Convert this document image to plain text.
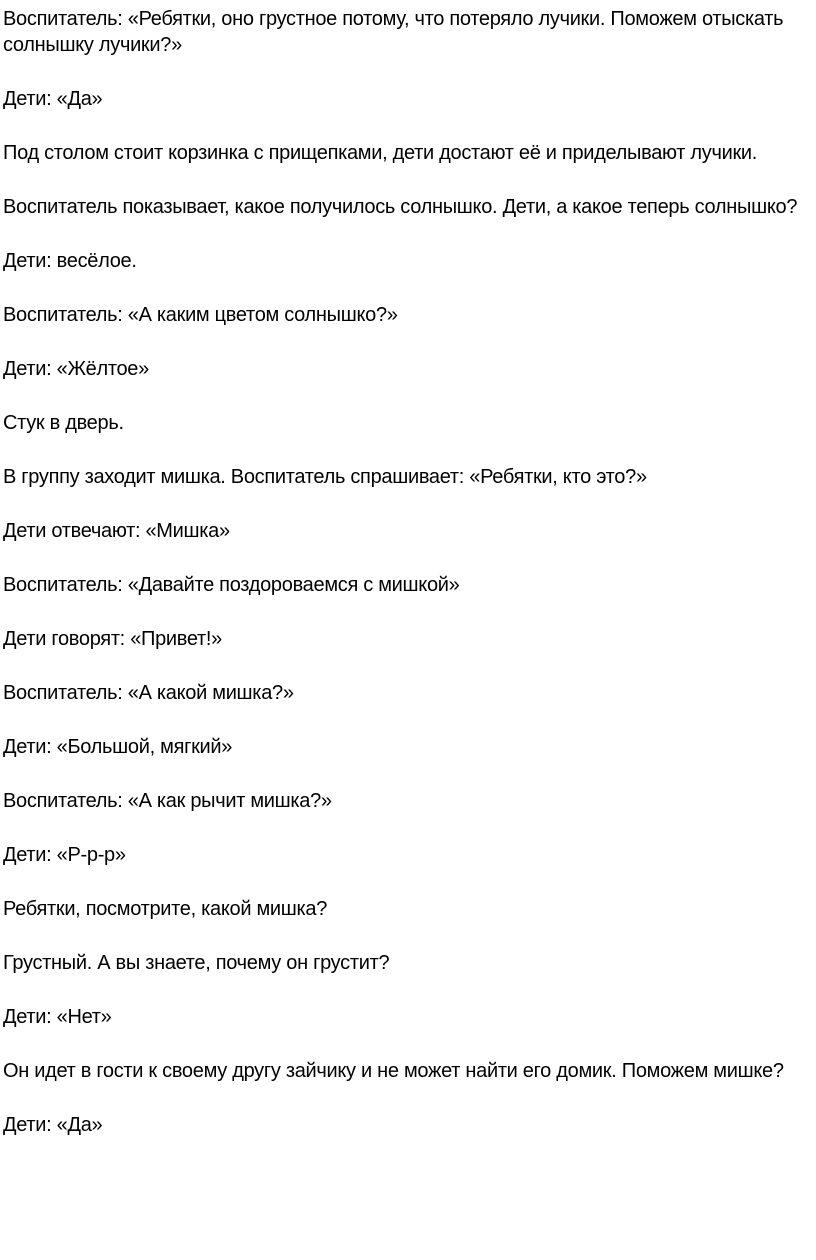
Воспитатель: «Ребятки, оно грустное потому, что потеряло лучики. Поможем отыскать солнышку лучики?»

Дети: «Да»

Под столом стоит корзинка с прищепками, дети достают её и приделывают лучики.

Воспитатель показывает, какое получилось солнышко. Дети, а какое теперь солнышко?

Дети: весёлое.

Воспитатель: «А каким цветом солнышко?»

Дети: «Жёлтое»

Стук в дверь.

В группу заходит мишка. Воспитатель спрашивает: «Ребятки, кто это?»

Дети отвечают: «Мишка»

Воспитатель: «Давайте поздороваемся с мишкой»

Дети говорят: «Привет!»

Воспитатель: «А какой мишка?»

Дети: «Большой, мягкий»

Воспитатель: «А как рычит мишка?»

Дети: «Р-р-р»

Ребятки, посмотрите, какой мишка?

Грустный. А вы знаете, почему он грустит?

Дети: «Нет»

Он идет в гости к своему другу зайчику и не может найти его домик. Поможем мишке?

Дети: «Да»
